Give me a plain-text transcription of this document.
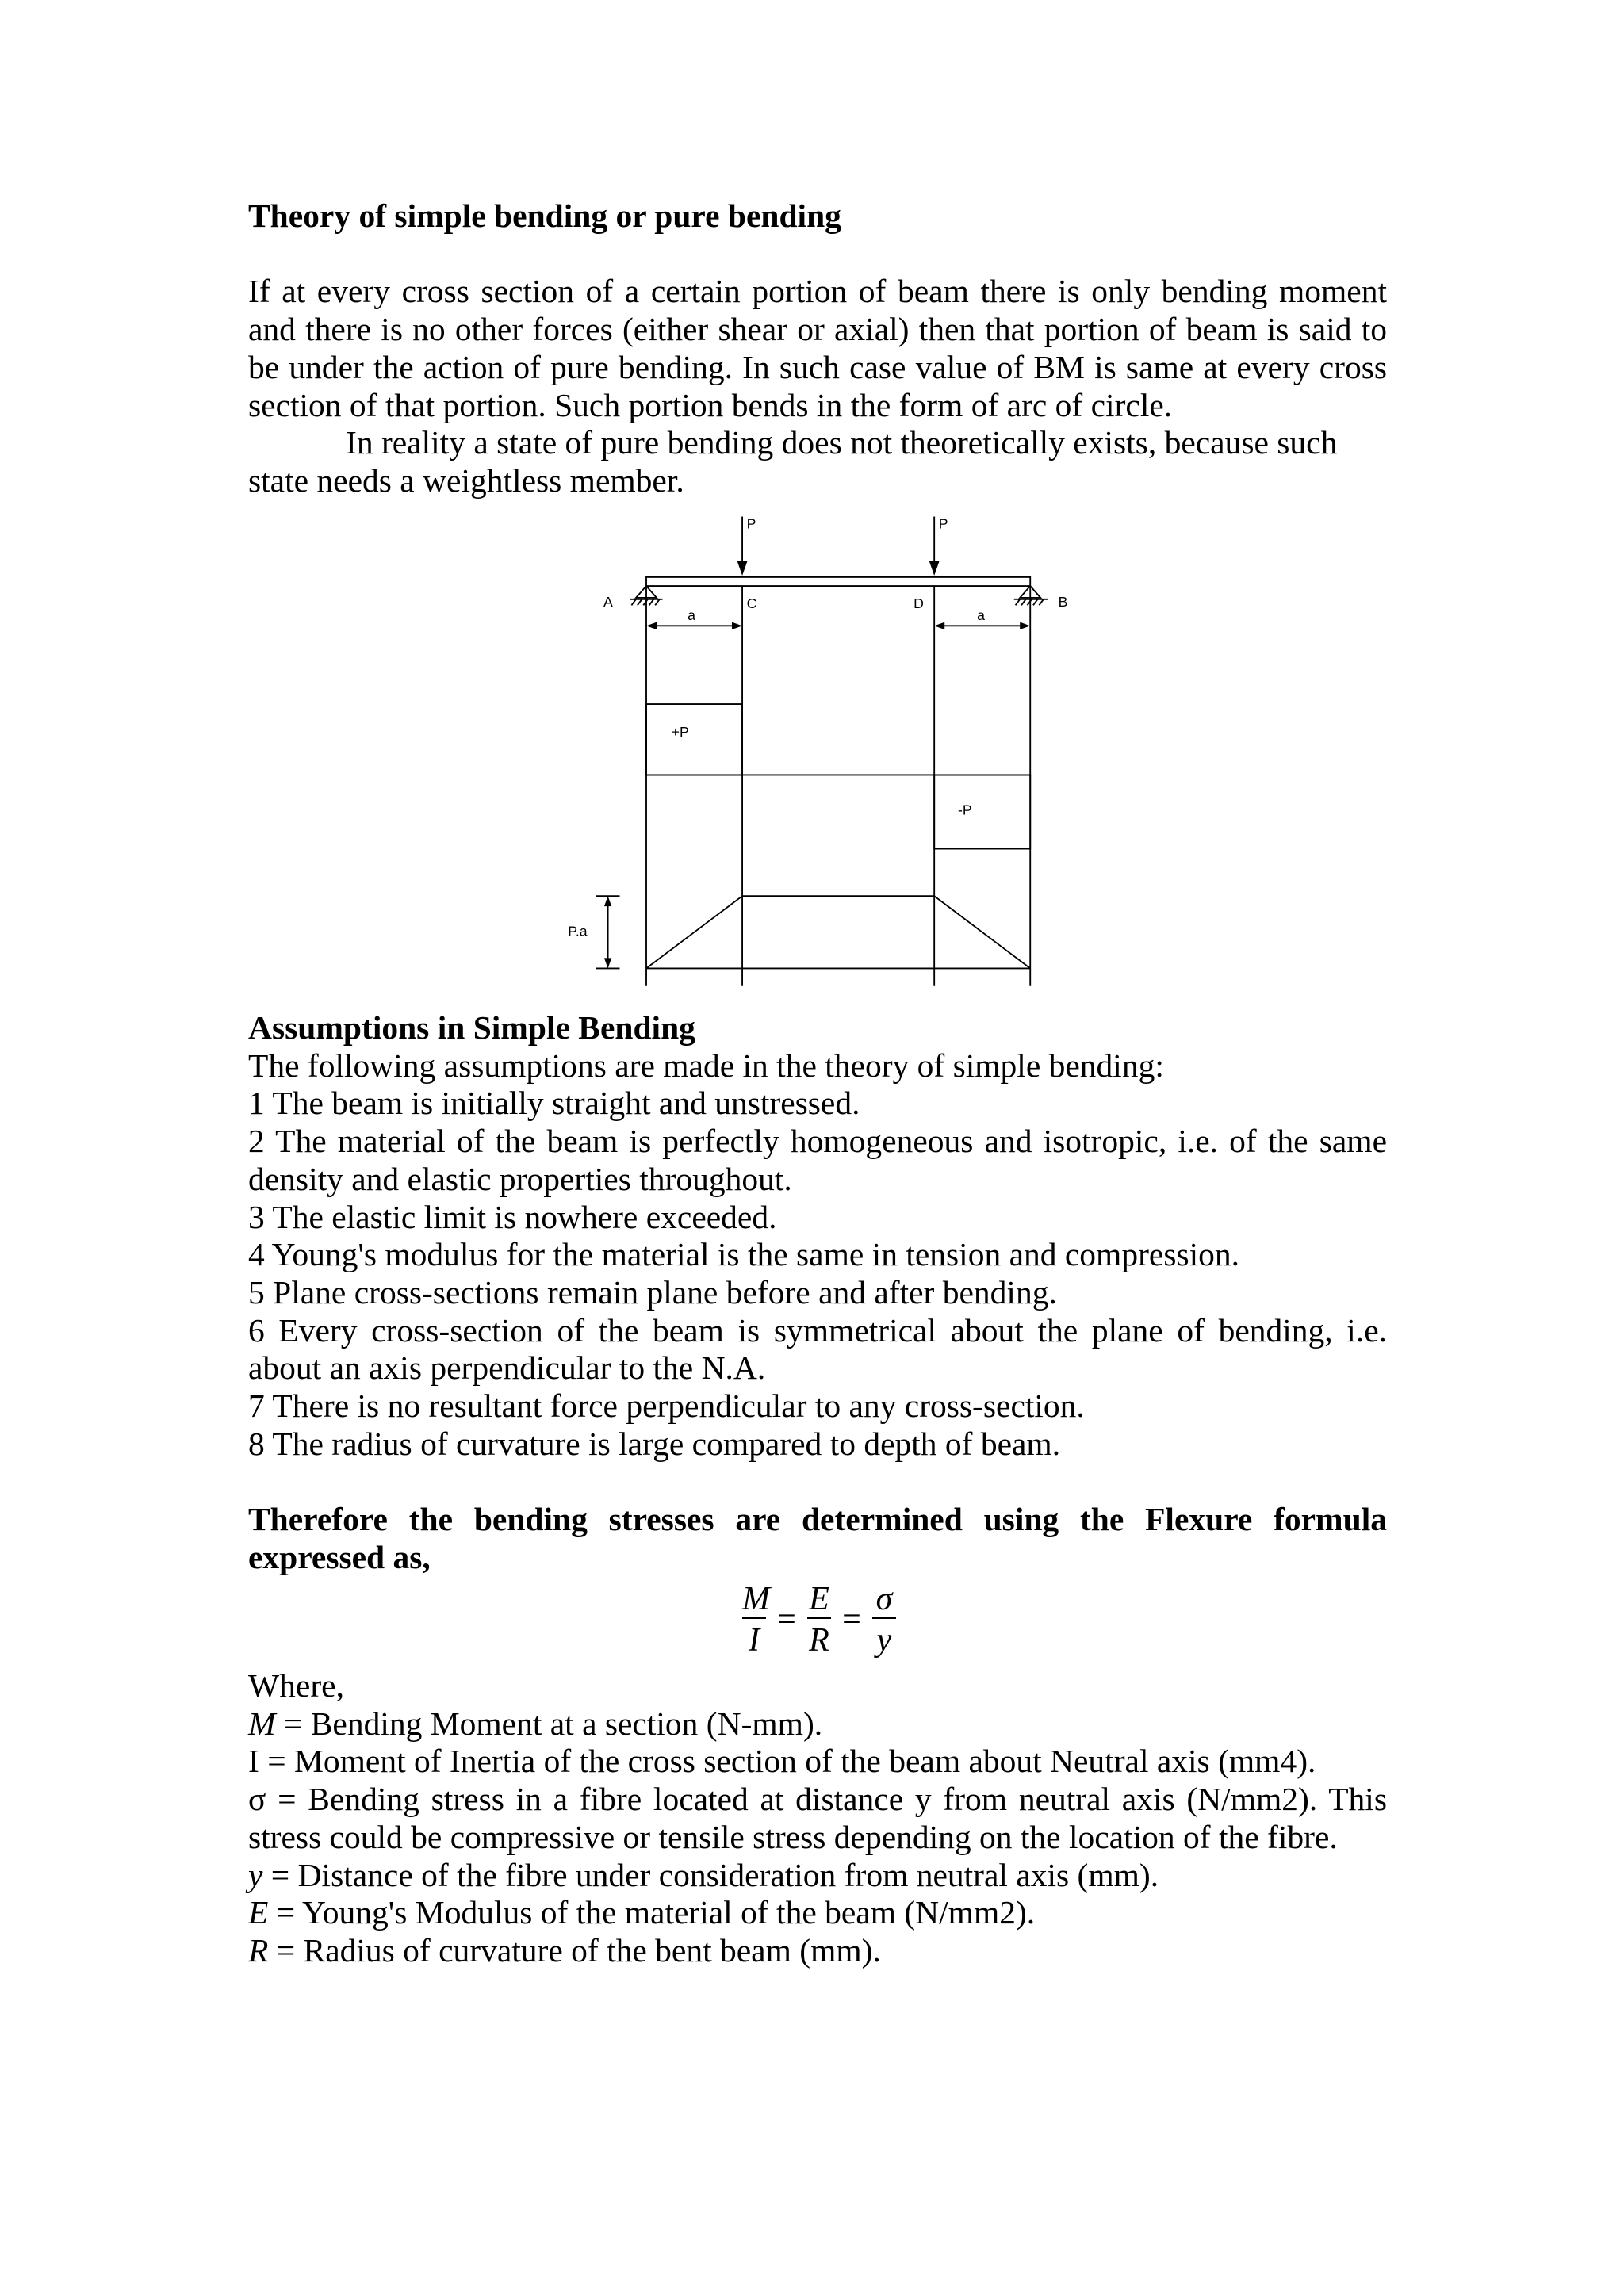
Theory of simple bending or pure bending

If at every cross section of a certain portion of beam there is only bending moment and there is no other forces (either shear or axial) then that portion of beam is said to be under the action of pure bending. In such case value of BM is same at every cross section of that portion. Such portion bends in the form of arc of circle.

In reality a state of pure bending does not theoretically exists, because such state needs a weightless member.

P	P
A	B
C	D
a	a
+P
-P
P.a

Assumptions in Simple Bending

The following assumptions are made in the theory of simple bending:

1 The beam is initially straight and unstressed.

2 The material of the beam is perfectly homogeneous and isotropic, i.e. of the same density and elastic properties throughout.

3 The elastic limit is nowhere exceeded.

4 Young's modulus for the material is the same in tension and compression.

5 Plane cross-sections remain plane before and after bending.

6 Every cross-section of the beam is symmetrical about the plane of bending, i.e. about an axis perpendicular to the N.A.

7 There is no resultant force perpendicular to any cross-section.

8 The radius of curvature is large compared to depth of beam.

Therefore the bending stresses are determined using the Flexure formula expressed as,

$\frac{M}{I} = \frac{E}{R} = \frac{\sigma}{y}$

Where,

M = Bending Moment at a section (N-mm).

I = Moment of Inertia of the cross section of the beam about Neutral axis (mm4).

σ = Bending stress in a fibre located at distance y from neutral axis (N/mm2). This stress could be compressive or tensile stress depending on the location of the fibre.

y = Distance of the fibre under consideration from neutral axis (mm).

E = Young's Modulus of the material of the beam (N/mm2).

R = Radius of curvature of the bent beam (mm).
